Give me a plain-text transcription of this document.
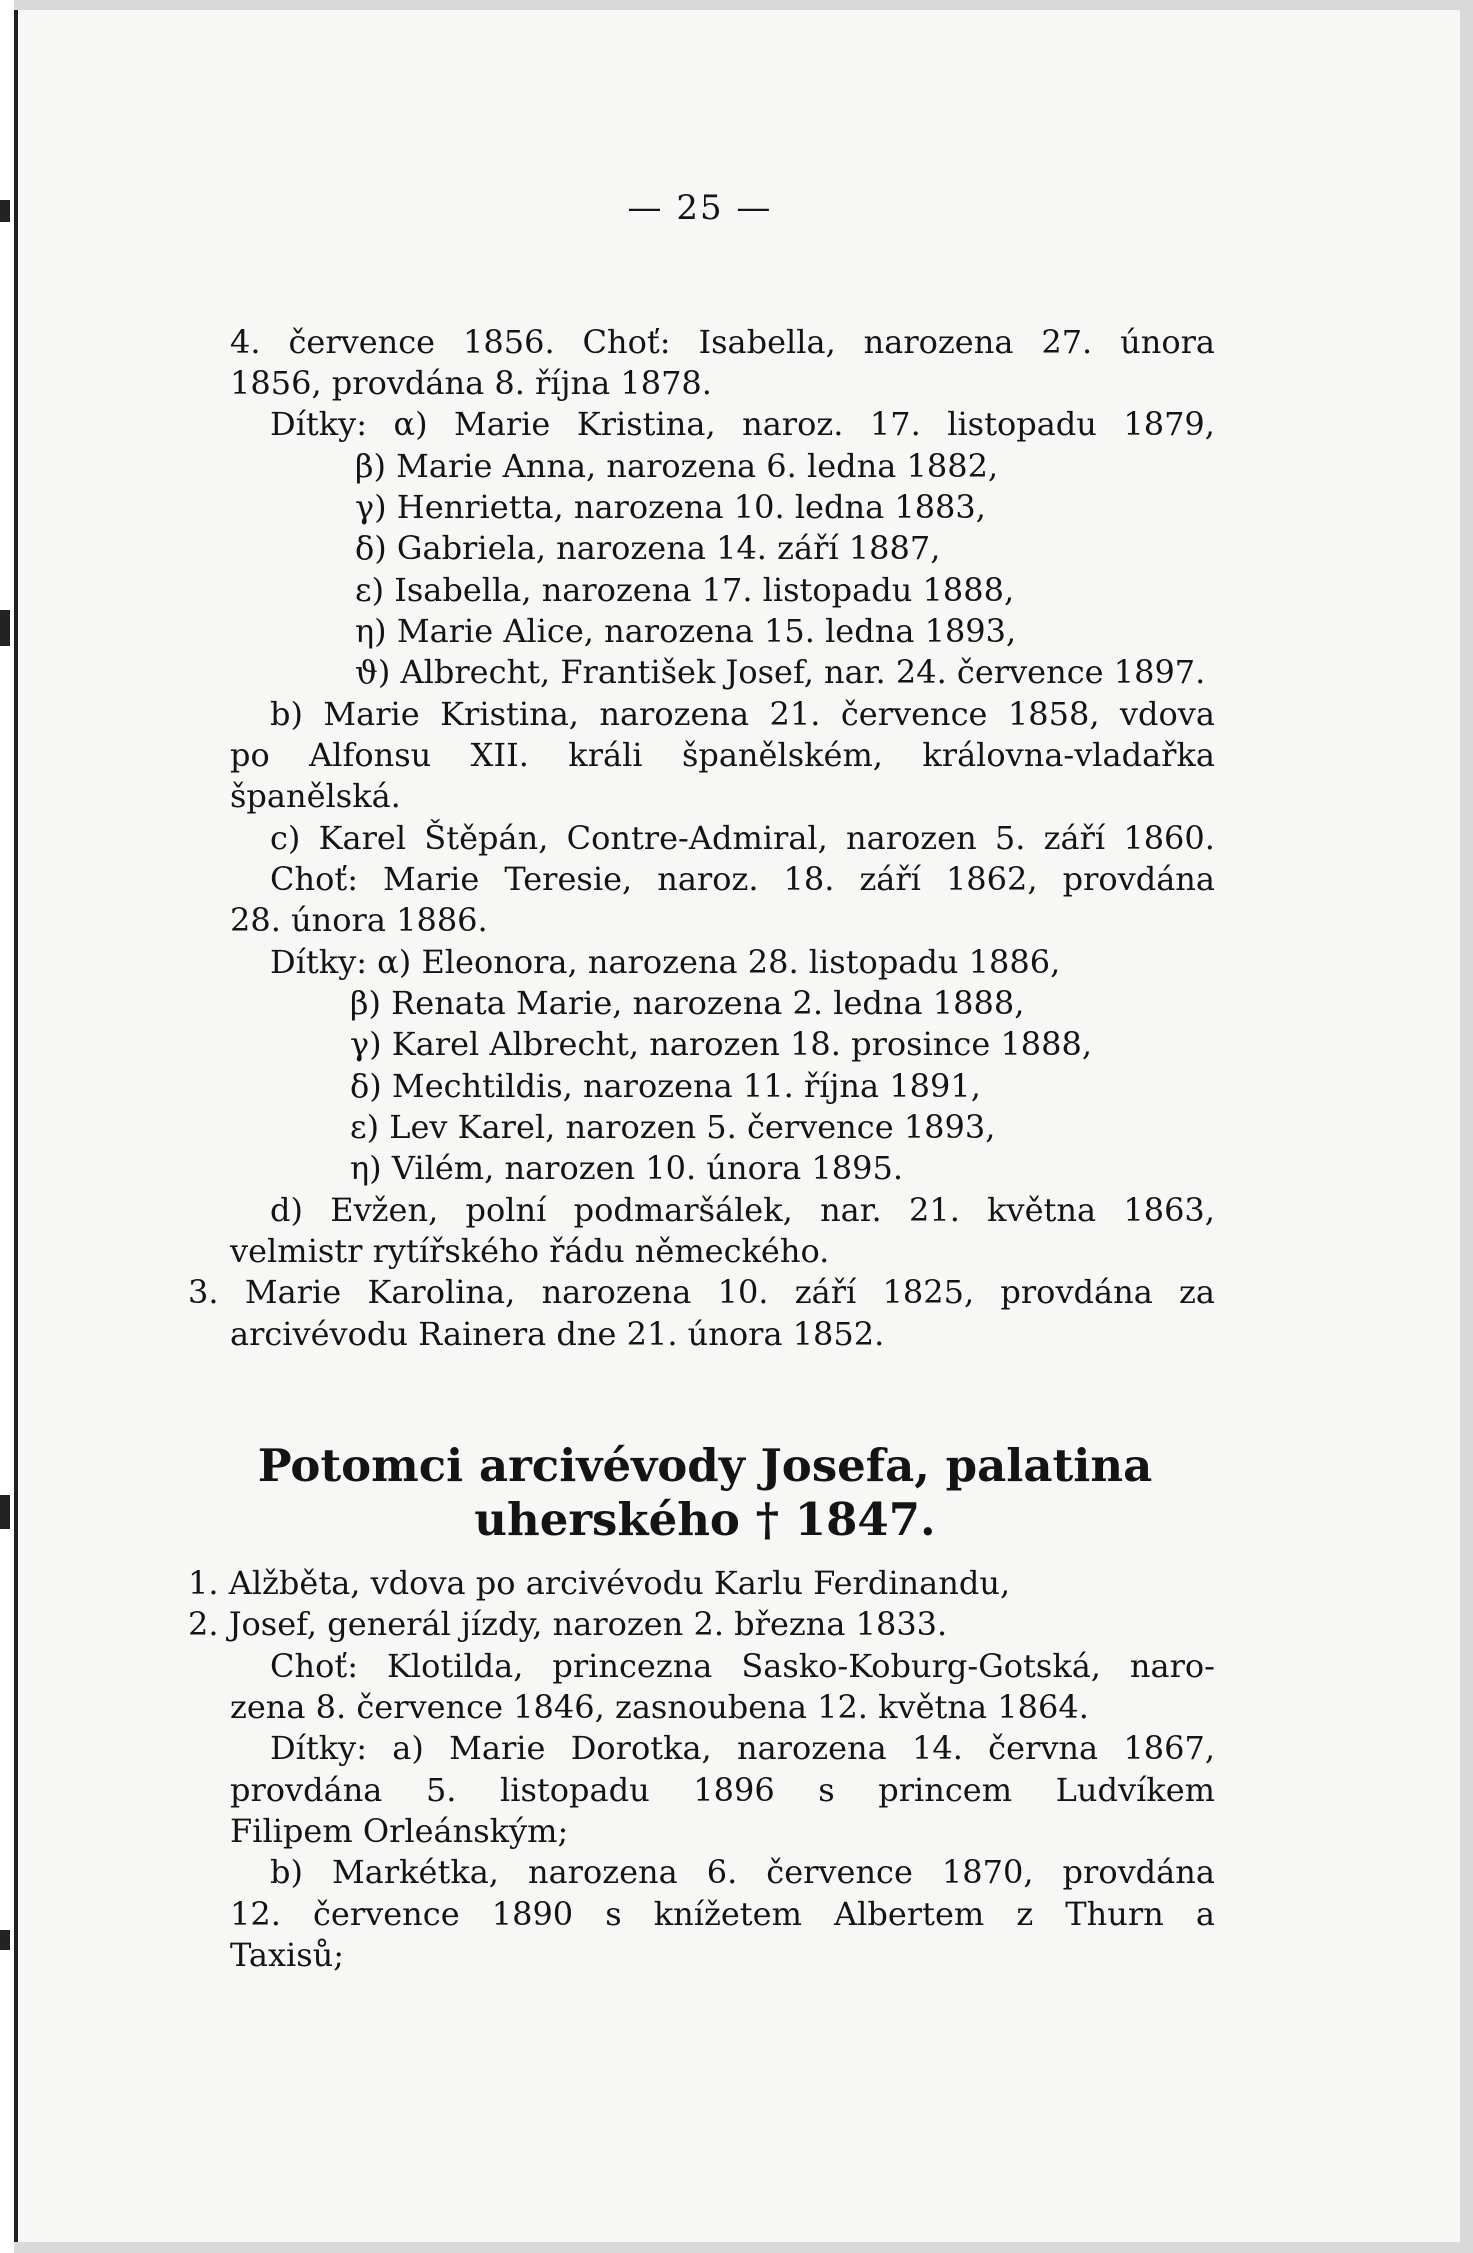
— 25 —
4. července 1856. Choť: Isabella, narozena 27. února
1856, provdána 8. října 1878.
Dítky: α) Marie Kristina, naroz. 17. listopadu 1879,
β) Marie Anna, narozena 6. ledna 1882,
γ) Henrietta, narozena 10. ledna 1883,
δ) Gabriela, narozena 14. září 1887,
ε) Isabella, narozena 17. listopadu 1888,
η) Marie Alice, narozena 15. ledna 1893,
ϑ) Albrecht, František Josef, nar. 24. července 1897.
b) Marie Kristina, narozena 21. července 1858, vdova
po Alfonsu XII. králi španělském, královna-vladařka
španělská.
c) Karel Štěpán, Contre-Admiral, narozen 5. září 1860.
Choť: Marie Teresie, naroz. 18. září 1862, provdána
28. února 1886.
Dítky: α) Eleonora, narozena 28. listopadu 1886,
β) Renata Marie, narozena 2. ledna 1888,
γ) Karel Albrecht, narozen 18. prosince 1888,
δ) Mechtildis, narozena 11. října 1891,
ε) Lev Karel, narozen 5. července 1893,
η) Vilém, narozen 10. února 1895.
d) Evžen, polní podmaršálek, nar. 21. května 1863,
velmistr rytířského řádu německého.
3. Marie Karolina, narozena 10. září 1825, provdána za
arcivévodu Rainera dne 21. února 1852.
Potomci arcivévody Josefa, palatina
uherského † 1847.
1. Alžběta, vdova po arcivévodu Karlu Ferdinandu,
2. Josef, generál jízdy, narozen 2. března 1833.
Choť: Klotilda, princezna Sasko-Koburg-Gotská, naro-
zena 8. července 1846, zasnoubena 12. května 1864.
Dítky: a) Marie Dorotka, narozena 14. června 1867,
provdána 5. listopadu 1896 s princem Ludvíkem
Filipem Orleánským;
b) Markétka, narozena 6. července 1870, provdána
12. července 1890 s knížetem Albertem z Thurn a
Taxisů;
